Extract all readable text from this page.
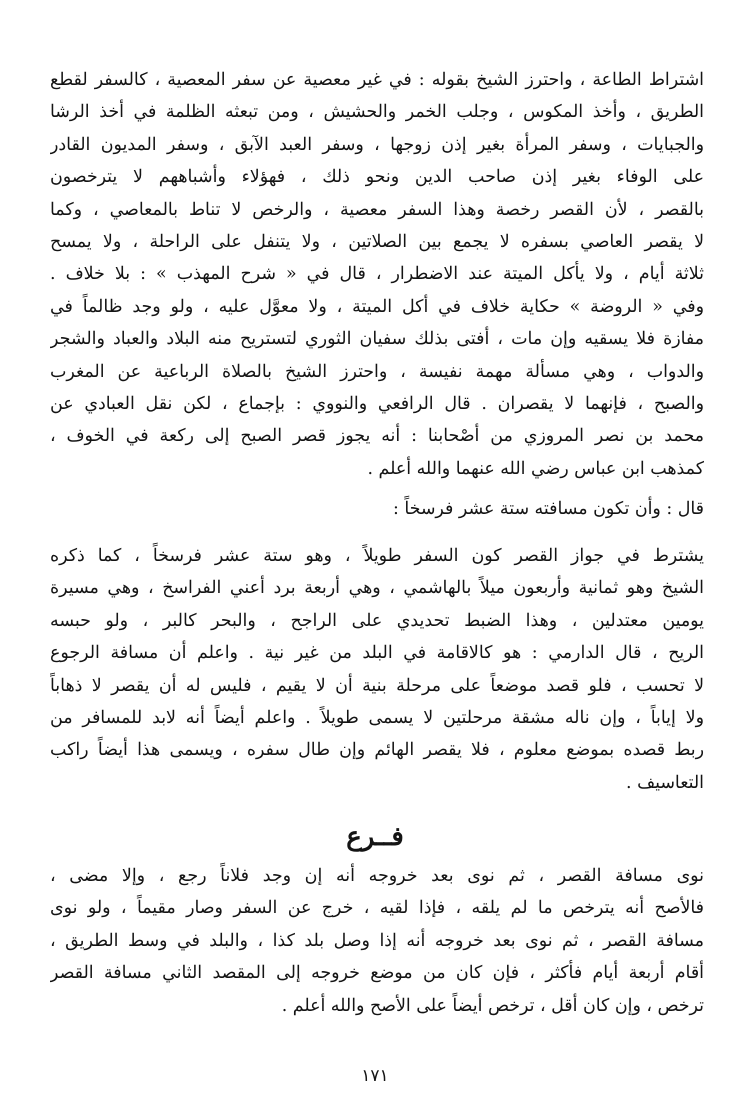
اشتراط الطاعة ، واحترز الشيخ بقوله : في غير معصية عن سفر المعصية ، كالسفر لقطع
الطريق ، وأخذ المكوس ، وجلب الخمر والحشيش ، ومن تبعثه الظلمة في أخذ الرشا
والجبايات ، وسفر المرأة بغير إذن زوجها ، وسفر العبد الآبق ، وسفر المديون القادر
على الوفاء بغير إذن صاحب الدين ونحو ذلك ، فهؤلاء وأشباههم لا يترخصون
بالقصر ، لأن القصر رخصة وهذا السفر معصية ، والرخص لا تناط بالمعاصي ، وكما
لا يقصر العاصي بسفره لا يجمع بين الصلاتين ، ولا يتنفل على الراحلة ، ولا يمسح
ثلاثة أيام ، ولا يأكل الميتة عند الاضطرار ، قال في « شرح المهذب » : بلا خلاف .
وفي « الروضة » حكاية خلاف في أكل الميتة ، ولا معوَّل عليه ، ولو وجد ظالماً في
مفازة فلا يسقيه وإن مات ، أفتى بذلك سفيان الثوري لتستريح منه البلاد والعباد والشجر
والدواب ، وهي مسألة مهمة نفيسة ، واحترز الشيخ بالصلاة الرباعية عن المغرب
والصبح ، فإنهما لا يقصران . قال الرافعي والنووي : بإجماع ، لكن نقل العبادي عن
محمد بن نصر المروزي من أصْحابنا : أنه يجوز قصر الصبح إلى ركعة في الخوف ،
كمذهب ابن عباس رضي الله عنهما والله أعلم .
قال : وأن تكون مسافته ستة عشر فرسخاً :
يشترط في جواز القصر كون السفر طويلاً ، وهو ستة عشر فرسخاً ، كما ذكره
الشيخ وهو ثمانية وأربعون ميلاً بالهاشمي ، وهي أربعة برد أعني الفراسخ ، وهي مسيرة
يومين معتدلين ، وهذا الضبط تحديدي على الراجح ، والبحر كالبر ، ولو حبسه
الريح ، قال الدارمي : هو كالاقامة في البلد من غير نية . واعلم أن مسافة الرجوع
لا تحسب ، فلو قصد موضعاً على مرحلة بنية أن لا يقيم ، فليس له أن يقصر لا ذهاباً
ولا إياباً ، وإن ناله مشقة مرحلتين لا يسمى طويلاً . واعلم أيضاً أنه لابد للمسافر من
ربط قصده بموضع معلوم ، فلا يقصر الهائم وإن طال سفره ، ويسمى هذا أيضاً راكب
التعاسيف .
فــرع
نوى مسافة القصر ، ثم نوى بعد خروجه أنه إن وجد فلاناً رجع ، وإلا مضى ،
فالأصح أنه يترخص ما لم يلقه ، فإذا لقيه ، خرج عن السفر وصار مقيماً ، ولو نوى
مسافة القصر ، ثم نوى بعد خروجه أنه إذا وصل بلد كذا ، والبلد في وسط الطريق ،
أقام أربعة أيام فأكثر ، فإن كان من موضع خروجه إلى المقصد الثاني مسافة القصر
ترخص ، وإن كان أقل ، ترخص أيضاً على الأصح والله أعلم .
١٧١
